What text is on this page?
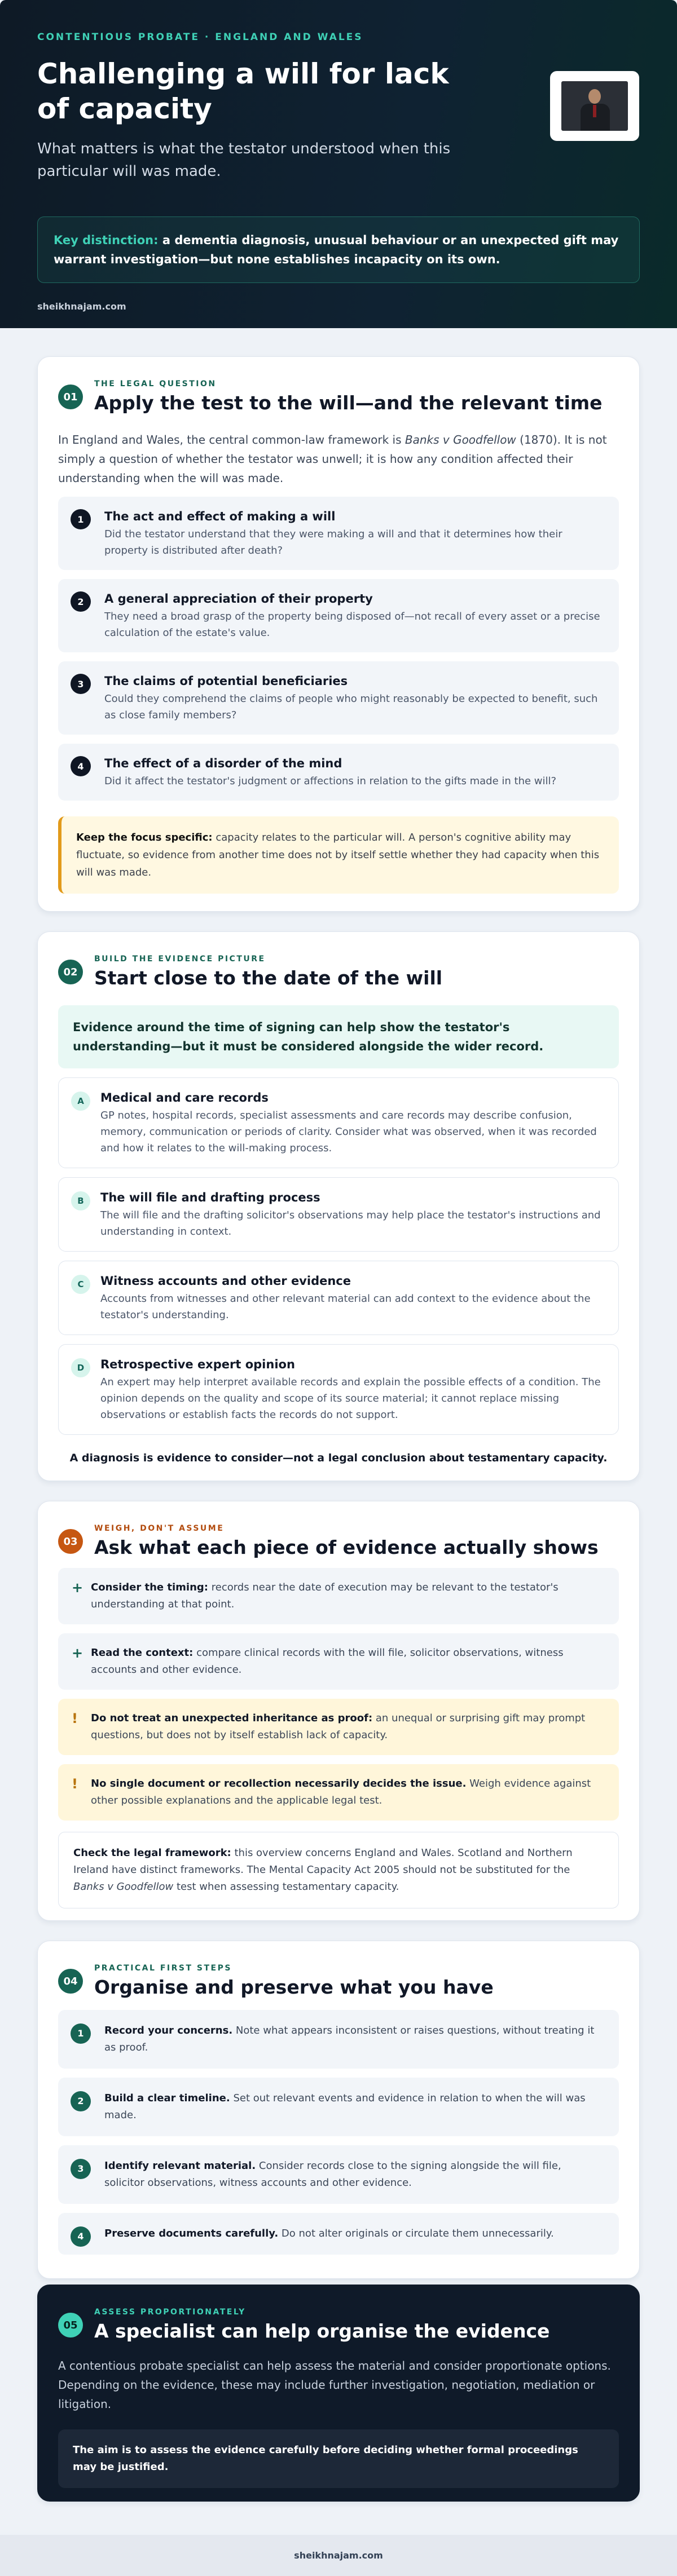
CONTENTIOUS PROBATE · ENGLAND AND WALES
Challenging a will for lack of capacity

What matters is what the testator understood when this particular will was made.

Key distinction: a dementia diagnosis, unusual behaviour or an unexpected gift may warrant investigation—but none establishes incapacity on its own.
sheikhnajam.com
01
THE LEGAL QUESTION
Apply the test to the will—and the relevant time

In England and Wales, the central common-law framework is Banks v Goodfellow (1870). It is not simply a question of whether the testator was unwell; it is how any condition affected their understanding when the will was made.

1	The act and effect of making a will
Did the testator understand that they were making a will and that it determines how their property is distributed after death?
2	A general appreciation of their property
They need a broad grasp of the property being disposed of—not recall of every asset or a precise calculation of the estate's value.
3	The claims of potential beneficiaries
Could they comprehend the claims of people who might reasonably be expected to benefit, such as close family members?
4	The effect of a disorder of the mind
Did it affect the testator's judgment or affections in relation to the gifts made in the will?
Keep the focus specific: capacity relates to the particular will. A person's cognitive ability may fluctuate, so evidence from another time does not by itself settle whether they had capacity when this will was made.
02
BUILD THE EVIDENCE PICTURE
Start close to the date of the will
Evidence around the time of signing can help show the testator's understanding—but it must be considered alongside the wider record.
A	Medical and care records
GP notes, hospital records, specialist assessments and care records may describe confusion, memory, communication or periods of clarity. Consider what was observed, when it was recorded and how it relates to the will-making process.
B	The will file and drafting process
The will file and the drafting solicitor's observations may help place the testator's instructions and understanding in context.
C	Witness accounts and other evidence
Accounts from witnesses and other relevant material can add context to the evidence about the testator's understanding.
D	Retrospective expert opinion
An expert may help interpret available records and explain the possible effects of a condition. The opinion depends on the quality and scope of its source material; it cannot replace missing observations or establish facts the records do not support.
A diagnosis is evidence to consider—not a legal conclusion about testamentary capacity.
03
WEIGH, DON'T ASSUME
Ask what each piece of evidence actually shows
+ Consider the timing: records near the date of execution may be relevant to the testator's understanding at that point.
+ Read the context: compare clinical records with the will file, solicitor observations, witness accounts and other evidence.
! Do not treat an unexpected inheritance as proof: an unequal or surprising gift may prompt questions, but does not by itself establish lack of capacity.
! No single document or recollection necessarily decides the issue. Weigh evidence against other possible explanations and the applicable legal test.
Check the legal framework: this overview concerns England and Wales. Scotland and Northern Ireland have distinct frameworks. The Mental Capacity Act 2005 should not be substituted for the Banks v Goodfellow test when assessing testamentary capacity.
04
PRACTICAL FIRST STEPS
Organise and preserve what you have
1	Record your concerns. Note what appears inconsistent or raises questions, without treating it as proof.
2	Build a clear timeline. Set out relevant events and evidence in relation to when the will was made.
3	Identify relevant material. Consider records close to the signing alongside the will file, solicitor observations, witness accounts and other evidence.
4	Preserve documents carefully. Do not alter originals or circulate them unnecessarily.
05
ASSESS PROPORTIONATELY
A specialist can help organise the evidence

A contentious probate specialist can help assess the material and consider proportionate options. Depending on the evidence, these may include further investigation, negotiation, mediation or litigation.

The aim is to assess the evidence carefully before deciding whether formal proceedings may be justified.
sheikhnajam.com
